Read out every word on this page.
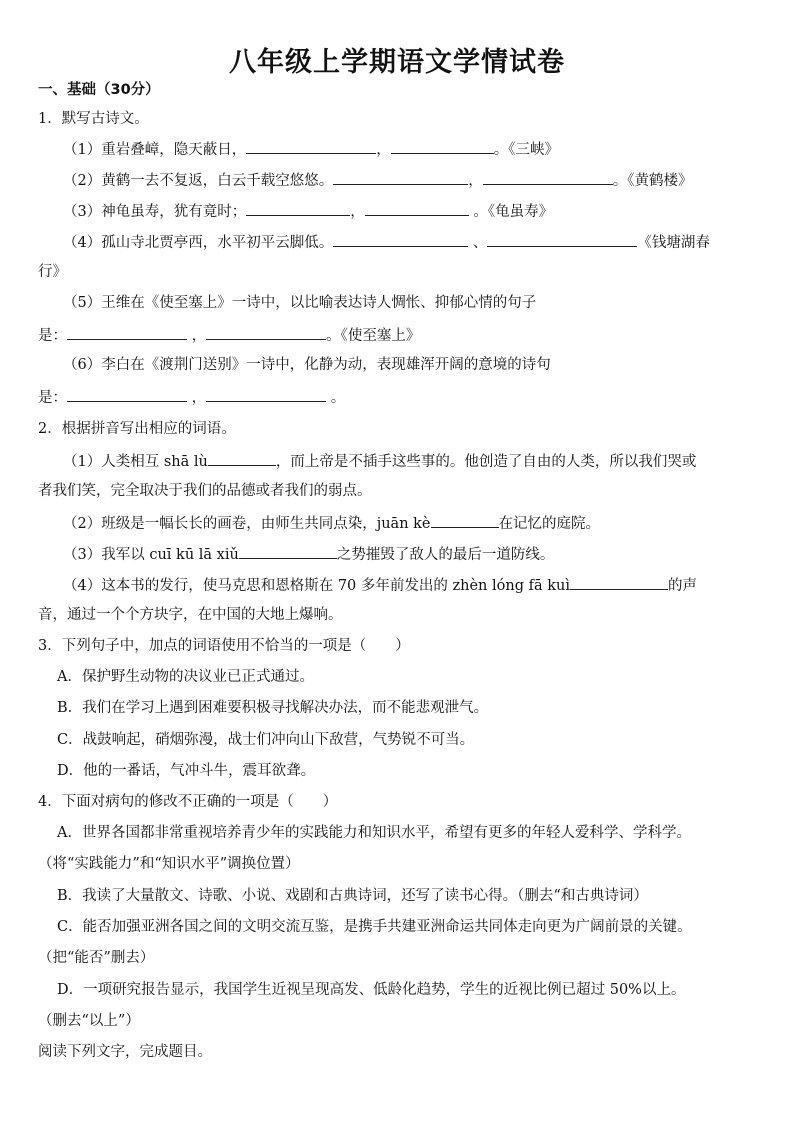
八年级上学期语文学情试卷
一、基础（30分）
1．默写古诗文。
（1）重岩叠嶂，隐天蔽日，	，	。《三峡》
（2）黄鹤一去不复返，白云千载空悠悠。	，	。《黄鹤楼》
（3）神龟虽寿，犹有竟时；	，	。《龟虽寿》
（4）孤山寺北贾亭西，水平初平云脚低。	、	《钱塘湖春
行》
（5）王维在《使至塞上》一诗中，以比喻表达诗人惆怅、抑郁心情的句子
是：	，	。《使至塞上》
（6）李白在《渡荆门送别》一诗中，化静为动，表现雄浑开阔的意境的诗句
是：	，	。
2．根据拼音写出相应的词语。
（1）人类相互 shā lù	，而上帝是不插手这些事的。他创造了自由的人类，所以我们哭或
者我们笑，完全取决于我们的品德或者我们的弱点。
（2）班级是一幅长长的画卷，由师生共同点染，juān kè	在记忆的庭院。
（3）我军以 cuī kū lā xiǔ	之势摧毁了敌人的最后一道防线。
（4）这本书的发行，使马克思和恩格斯在 70 多年前发出的 zhèn lóng fā kuì	的声
音，通过一个个方块字，在中国的大地上爆响。
3．下列句子中，加点的词语使用不恰当的一项是（　　）
A．保护野生动物的决议业已正式通过。
B．我们在学习上遇到困难要积极寻找解决办法，而不能悲观泄气。
C．战鼓响起，硝烟弥漫，战士们冲向山下敌营，气势锐不可当。
D．他的一番话，气冲斗牛，震耳欲聋。
4．下面对病句的修改不正确的一项是（　　）
A．世界各国都非常重视培养青少年的实践能力和知识水平，希望有更多的年轻人爱科学、学科学。
（将“实践能力”和“知识水平”调换位置）
B．我读了大量散文、诗歌、小说、戏剧和古典诗词，还写了读书心得。（删去“和古典诗词）
C．能否加强亚洲各国之间的文明交流互鉴，是携手共建亚洲命运共同体走向更为广阔前景的关键。
（把“能否”删去）
D．一项研究报告显示，我国学生近视呈现高发、低龄化趋势，学生的近视比例已超过 50%以上。
（删去“以上”）
阅读下列文字，完成题目。
